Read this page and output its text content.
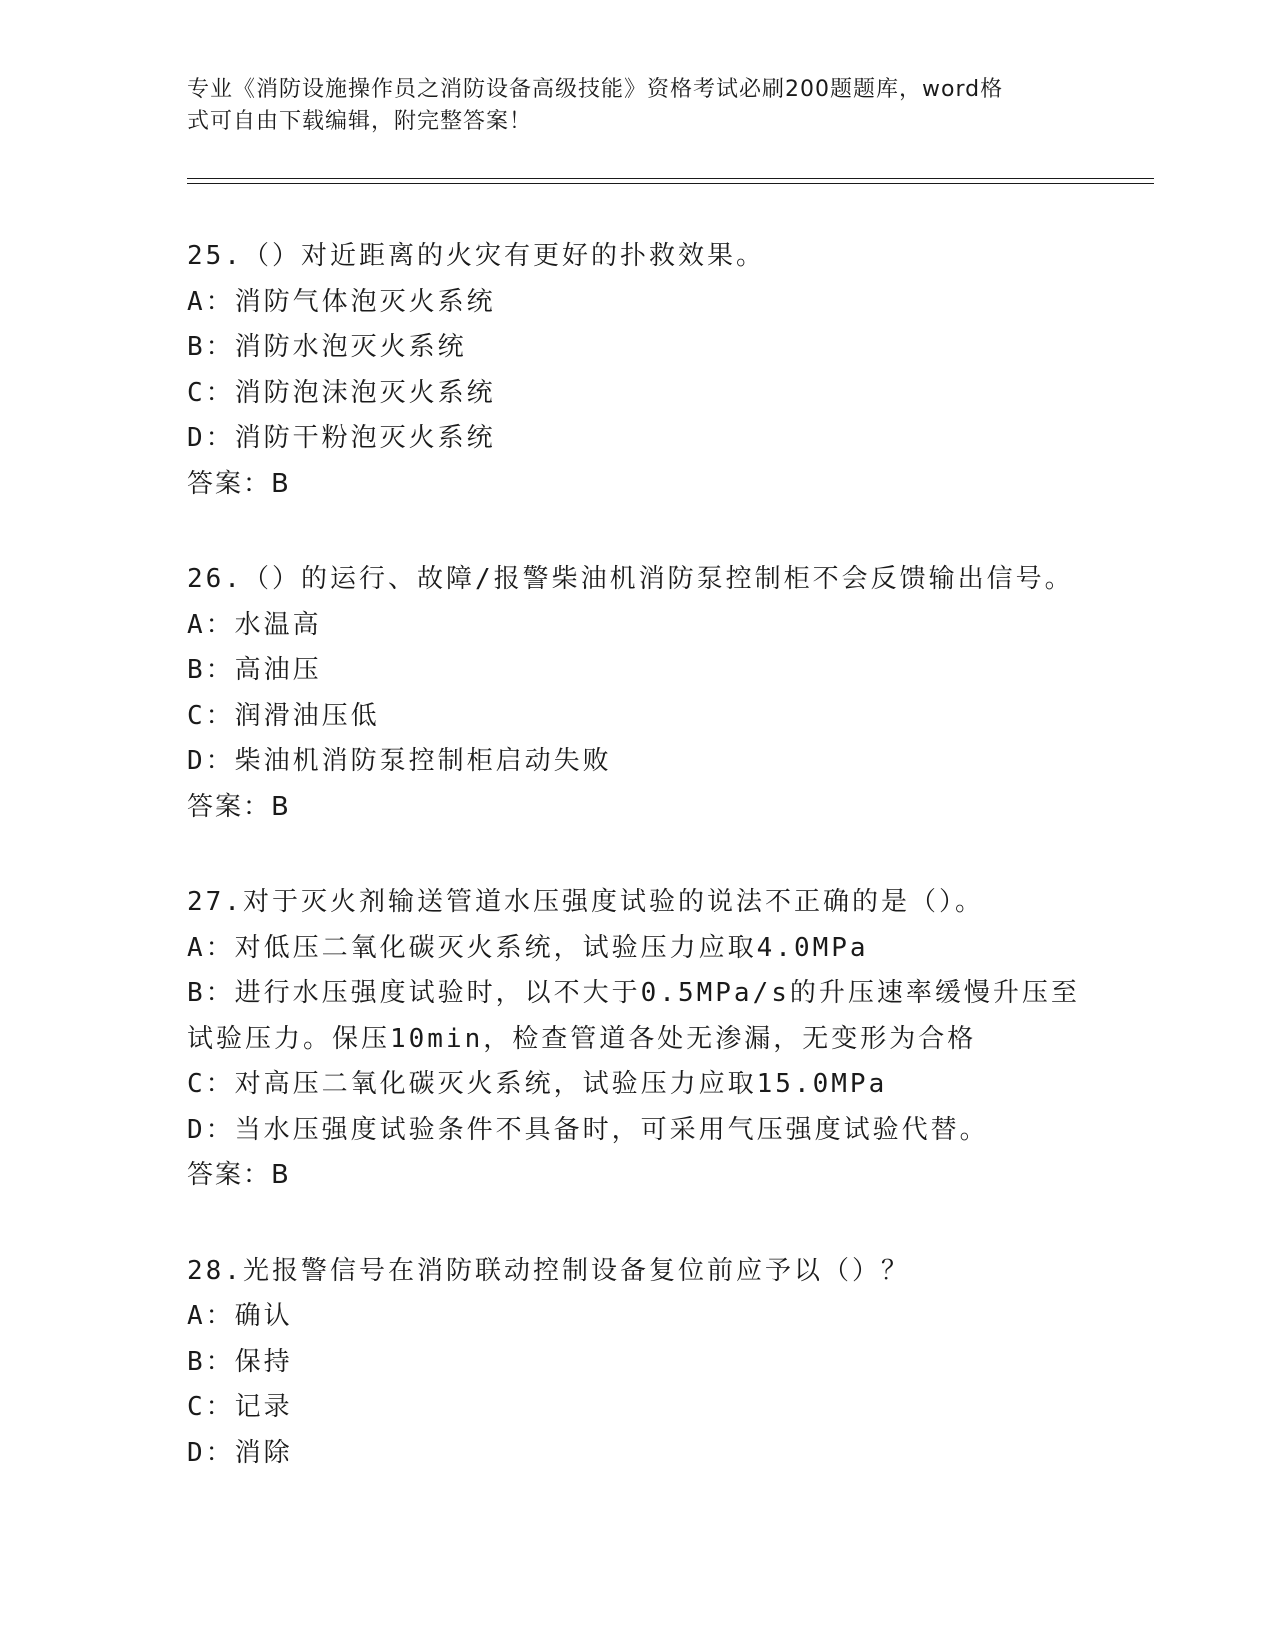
专业《消防设施操作员之消防设备高级技能》资格考试必刷200题题库，word格
式可自由下载编辑，附完整答案！
25.（）对近距离的火灾有更好的扑救效果。
A：消防气体泡灭火系统
B：消防水泡灭火系统
C：消防泡沫泡灭火系统
D：消防干粉泡灭火系统
答案：B
26.（）的运行、故障/报警柴油机消防泵控制柜不会反馈输出信号。
A：水温高
B：高油压
C：润滑油压低
D：柴油机消防泵控制柜启动失败
答案：B
27.对于灭火剂输送管道水压强度试验的说法不正确的是（）。
A：对低压二氧化碳灭火系统，试验压力应取4.0MPa
B：进行水压强度试验时，以不大于0.5MPa/s的升压速率缓慢升压至
试验压力。保压10min，检查管道各处无渗漏，无变形为合格
C：对高压二氧化碳灭火系统，试验压力应取15.0MPa
D：当水压强度试验条件不具备时，可采用气压强度试验代替。
答案：B
28.光报警信号在消防联动控制设备复位前应予以（）？
A：确认
B：保持
C：记录
D：消除
